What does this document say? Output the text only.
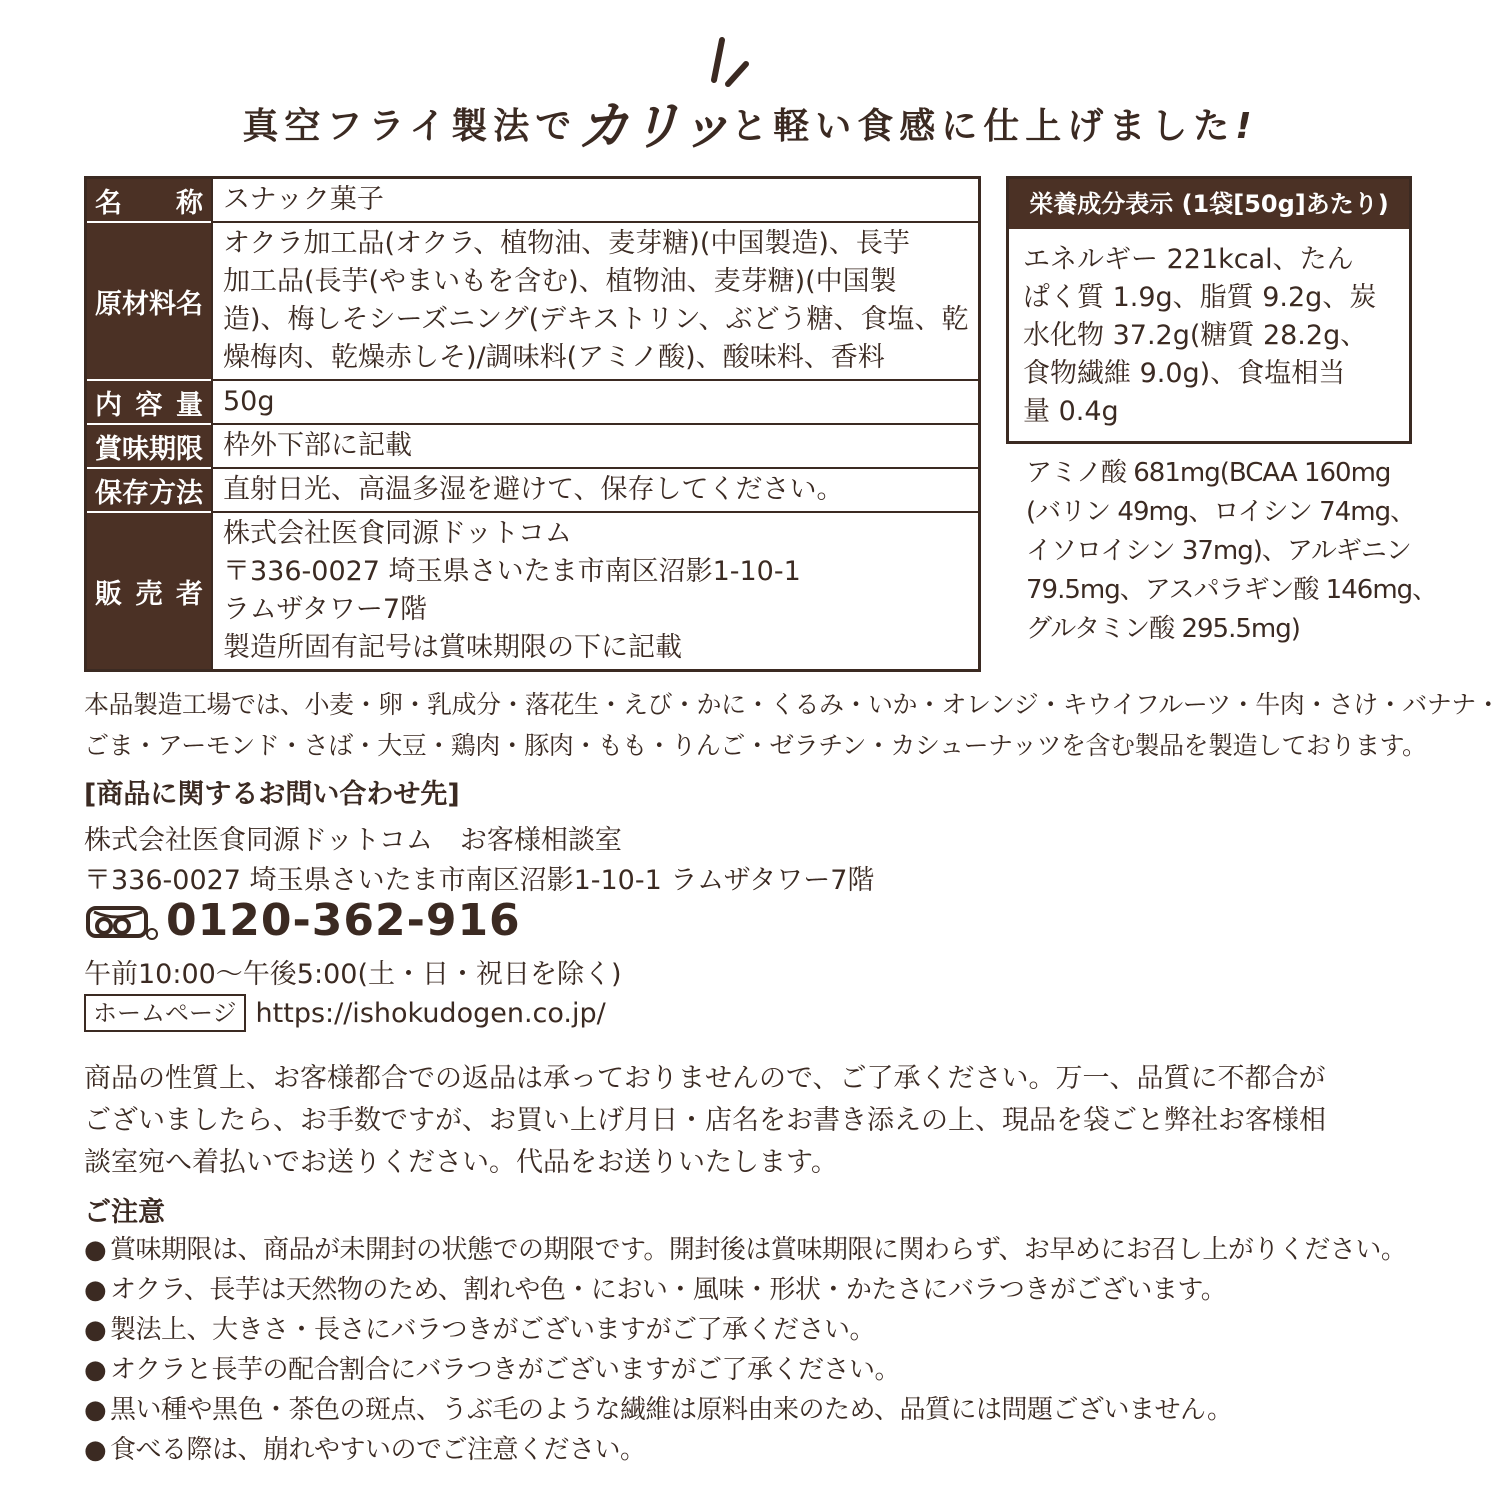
真空フライ製法でカリッと軽い食感に仕上げました!
名　称	スナック菓子

原材料名	オクラ加工品(オクラ、植物油、麦芽糖)(中国製造)、長芋
加工品(長芋(やまいもを含む)、植物油、麦芽糖)(中国製
造)、梅しそシーズニング(デキストリン、ぶどう糖、食塩、乾
燥梅肉、乾燥赤しそ)/調味料(アミノ酸)、酸味料、香料

内 容 量	50g

賞味期限	枠外下部に記載

保存方法	直射日光、高温多湿を避けて、保存してください。

販 売 者	株式会社医食同源ドットコム
〒336-0027 埼玉県さいたま市南区沼影1-10-1
ラムザタワー7階
製造所固有記号は賞味期限の下に記載
栄養成分表示 (1袋[50g]あたり)
エネルギー 221kcal、たん
ぱく質 1.9g、脂質 9.2g、炭
水化物 37.2g(糖質 28.2g、
食物繊維 9.0g)、食塩相当
量 0.4g
アミノ酸 681mg(BCAA 160mg
(バリン 49mg、ロイシン 74mg、
イソロイシン 37mg)、アルギニン
79.5mg、アスパラギン酸 146mg、
グルタミン酸 295.5mg)
本品製造工場では、小麦・卵・乳成分・落花生・えび・かに・くるみ・いか・オレンジ・キウイフルーツ・牛肉・さけ・バナナ・
ごま・アーモンド・さば・大豆・鶏肉・豚肉・もも・りんご・ゼラチン・カシューナッツを含む製品を製造しております。
[商品に関するお問い合わせ先]
株式会社医食同源ドットコム　お客様相談室
〒336-0027 埼玉県さいたま市南区沼影1-10-1 ラムザタワー7階
0120-362-916
午前10:00～午後5:00(土・日・祝日を除く)
ホームページ https://ishokudogen.co.jp/
商品の性質上、お客様都合での返品は承っておりませんので、ご了承ください。万一、品質に不都合が
ございましたら、お手数ですが、お買い上げ月日・店名をお書き添えの上、現品を袋ごと弊社お客様相
談室宛へ着払いでお送りください。代品をお送りいたします。
ご注意
● 賞味期限は、商品が未開封の状態での期限です。開封後は賞味期限に関わらず、お早めにお召し上がりください。
● オクラ、長芋は天然物のため、割れや色・におい・風味・形状・かたさにバラつきがございます。
● 製法上、大きさ・長さにバラつきがございますがご了承ください。
● オクラと長芋の配合割合にバラつきがございますがご了承ください。
● 黒い種や黒色・茶色の斑点、うぶ毛のような繊維は原料由来のため、品質には問題ございません。
● 食べる際は、崩れやすいのでご注意ください。
